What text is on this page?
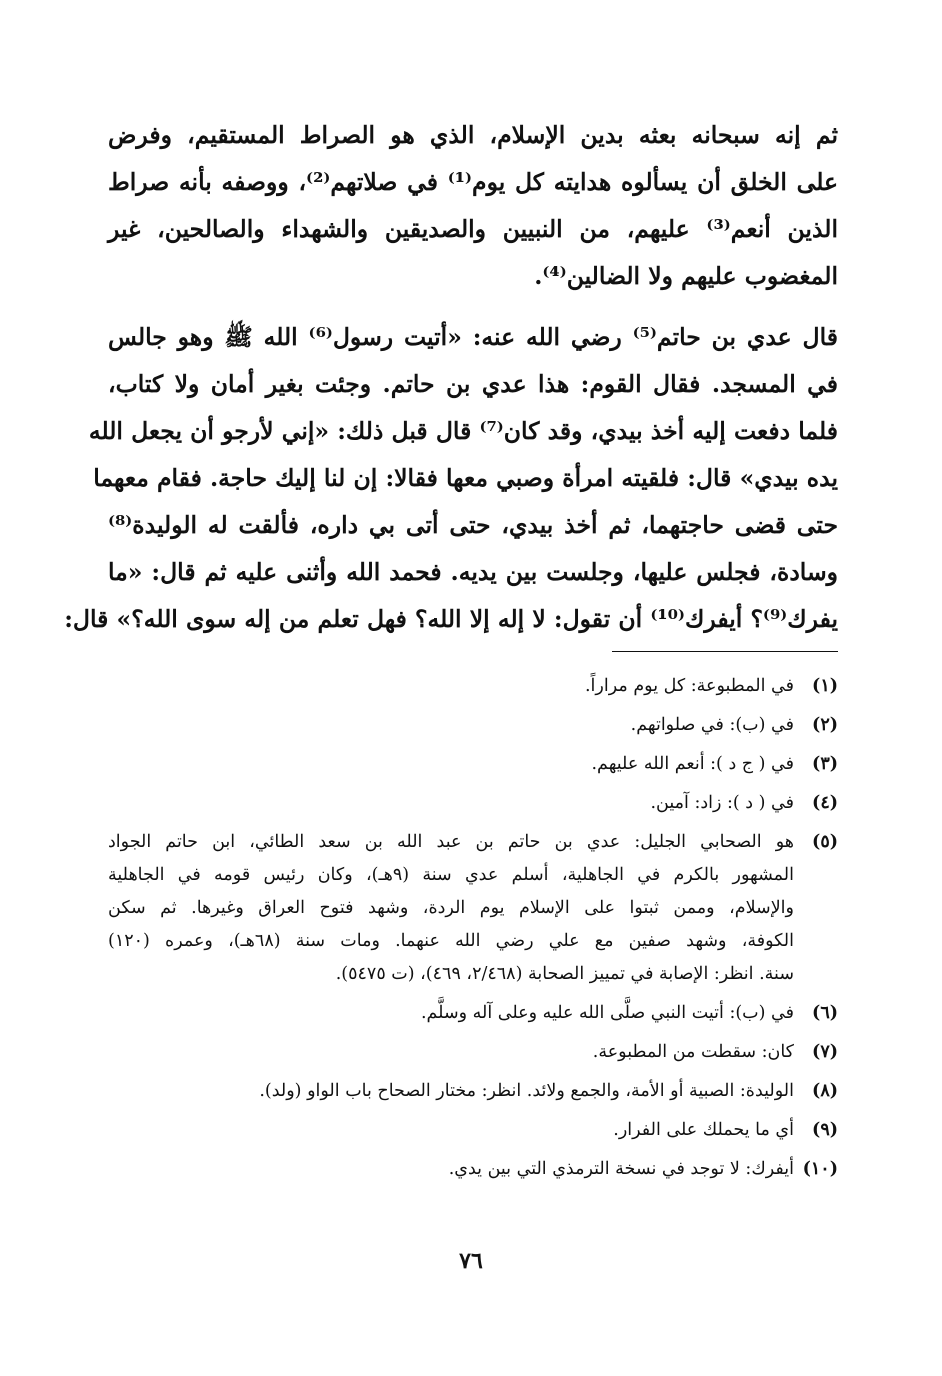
ثم إنه سبحانه بعثه بدين الإسلام، الذي هو الصراط المستقيم، وفرض
على الخلق أن يسألوه هدايته كل يوم⁽¹⁾ في صلاتهم⁽²⁾، ووصفه بأنه صراط
الذين أنعم⁽³⁾ عليهم، من النبيين والصديقين والشهداء والصالحين، غير
المغضوب عليهم ولا الضالين⁽⁴⁾.

قال عدي بن حاتم⁽⁵⁾ رضي الله عنه: «أتيت رسول⁽⁶⁾ الله ﷺ وهو جالس
في المسجد. فقال القوم: هذا عدي بن حاتم. وجئت بغير أمان ولا كتاب،
فلما دفعت إليه أخذ بيدي، وقد كان⁽⁷⁾ قال قبل ذلك: «إني لأرجو أن يجعل الله
يده بيدي» قال: فلقيته امرأة وصبي معها فقالا: إن لنا إليك حاجة. فقام معهما
حتى قضى حاجتهما، ثم أخذ بيدي، حتى أتى بي داره، فألقت له الوليدة⁽⁸⁾
وسادة، فجلس عليها، وجلست بين يديه. فحمد الله وأثنى عليه ثم قال: «ما
يفرك⁽⁹⁾؟ أيفرك⁽¹⁰⁾ أن تقول: لا إله إلا الله؟ فهل تعلم من إله سوى الله؟» قال:

(١)
في المطبوعة: كل يوم مراراً.
(٢)
في (ب): في صلواتهم.
(٣)
في ( ج د ): أنعم الله عليهم.
(٤)
في ( د ): زاد: آمين.
(٥)
هو الصحابي الجليل: عدي بن حاتم بن عبد الله بن سعد الطائي، ابن حاتم الجواد
المشهور بالكرم في الجاهلية، أسلم عدي سنة (٩هـ)، وكان رئيس قومه في الجاهلية
والإسلام، وممن ثبتوا على الإسلام يوم الردة، وشهد فتوح العراق وغيرها. ثم سكن
الكوفة، وشهد صفين مع علي رضي الله عنهما. ومات سنة (٦٨هـ)، وعمره (١٢٠)
سنة. انظر: الإصابة في تمييز الصحابة (٢/٤٦٨، ٤٦٩)، (ت ٥٤٧٥).
(٦)
في (ب): أتيت النبي صلَّى الله عليه وعلى آله وسلَّم.
(٧)
كان: سقطت من المطبوعة.
(٨)
الوليدة: الصبية أو الأمة، والجمع ولائد. انظر: مختار الصحاح باب الواو (ولد).
(٩)
أي ما يحملك على الفرار.
(١٠)
أيفرك: لا توجد في نسخة الترمذي التي بين يدي.
٧٦
